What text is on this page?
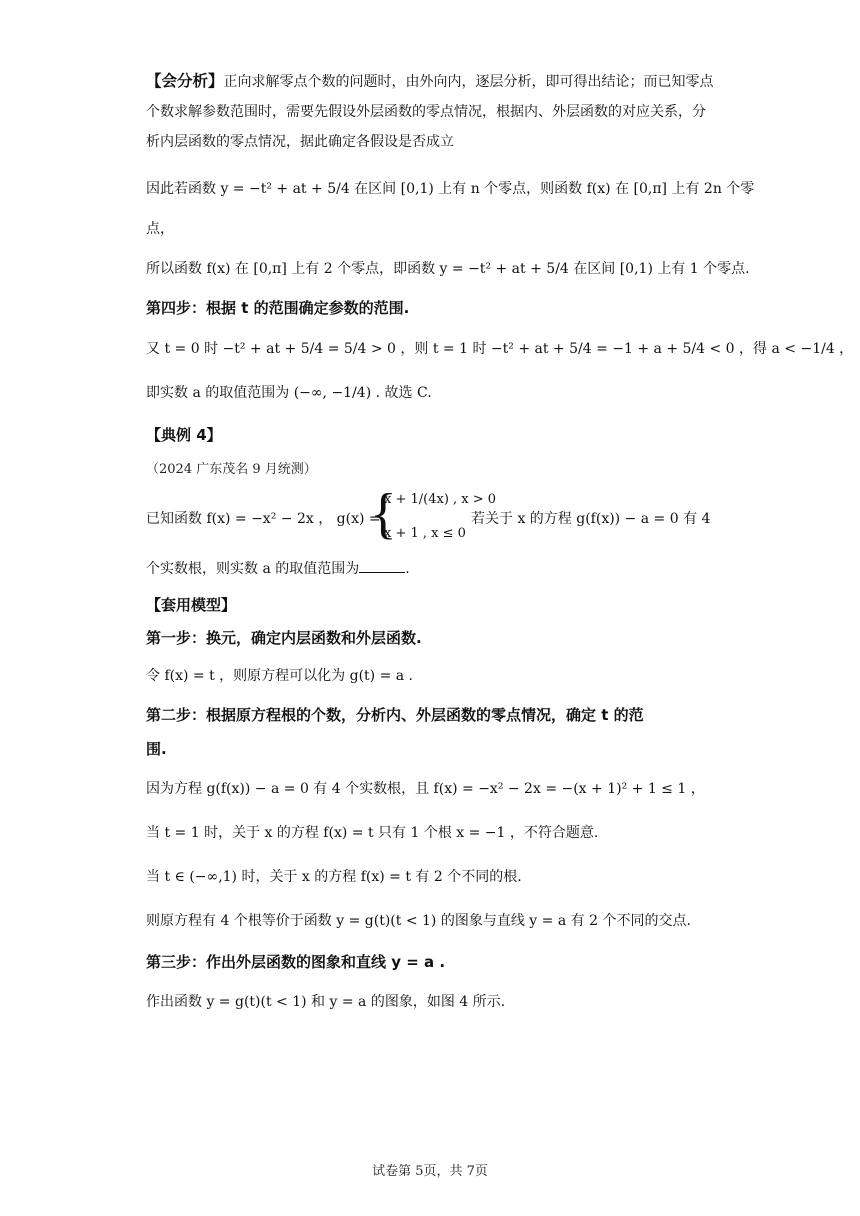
【会分析】正向求解零点个数的问题时，由外向内，逐层分析，即可得出结论；而已知零点个数求解参数范围时，需要先假设外层函数的零点情况，根据内、外层函数的对应关系，分析内层函数的零点情况，据此确定各假设是否成立
因此若函数 y = −t² + at + 5/4 在区间 [0,1) 上有 n 个零点，则函数 f(x) 在 [0,π] 上有 2n 个零
点，
所以函数 f(x) 在 [0,π] 上有 2 个零点，即函数 y = −t² + at + 5/4 在区间 [0,1) 上有 1 个零点.
第四步：根据 t 的范围确定参数的范围.
又 t = 0 时 −t² + at + 5/4 = 5/4 > 0 ，则 t = 1 时 −t² + at + 5/4 = −1 + a + 5/4 < 0 ，得 a < −1/4 ，
即实数 a 的取值范围为 (−∞, −1/4) . 故选 C.
【典例 4】
（2024 广东茂名 9 月统测）
已知函数 f(x) = −x² − 2x ， g(x) =
{
x + 1/(4x) , x > 0
x + 1 , x ≤ 0
若关于 x 的方程 g(f(x)) − a = 0 有 4
个实数根，则实数 a 的取值范围为	.
【套用模型】
第一步：换元，确定内层函数和外层函数.
令 f(x) = t ，则原方程可以化为 g(t) = a .
第二步：根据原方程根的个数，分析内、外层函数的零点情况，确定 t 的范
围.
因为方程 g(f(x)) − a = 0 有 4 个实数根，且 f(x) = −x² − 2x = −(x + 1)² + 1 ≤ 1 ，
当 t = 1 时，关于 x 的方程 f(x) = t 只有 1 个根 x = −1 ，不符合题意.
当 t ∈ (−∞,1) 时，关于 x 的方程 f(x) = t 有 2 个不同的根.
则原方程有 4 个根等价于函数 y = g(t)(t < 1) 的图象与直线 y = a 有 2 个不同的交点.
第三步：作出外层函数的图象和直线 y = a .
作出函数 y = g(t)(t < 1) 和 y = a 的图象，如图 4 所示.
试卷第 5页，共 7页
